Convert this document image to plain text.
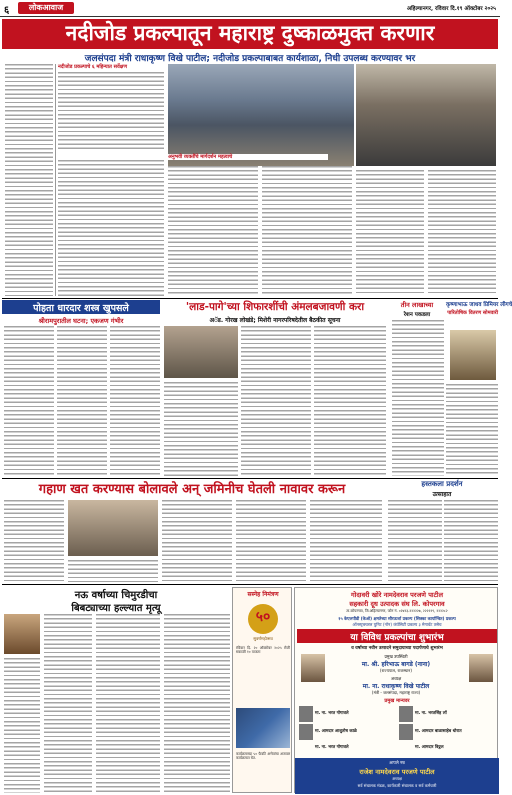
६	लोकआवाज	अहिल्यानगर, रविवार दि.१९ ऑक्टोबर २०२५
नदीजोड प्रकल्पातून महाराष्ट्र दुष्काळमुक्त करणार
जलसंपदा मंत्री राधाकृष्ण विखे पाटील; नदीजोड प्रकल्पाबाबत कार्यशाळा, निधी उपलब्ध करण्यावर भर
नदीजोड प्रकल्पाचे ६ महिन्यात सर्वेक्षण
अनुभवी व्यक्तींचे मार्गदर्शन महत्वाचे
पोहता धारदार शस्त्र खुपसले
श्रीरामपुरातील घटना; एकजण गंभीर
'लाड-पागे'च्या शिफारशींची अंमलबजावणी करा
अॅड. गोरख लोखंडे; मिशेरी नागरपरिषदेतील बैठकीत सूचना
तीन लाखाच्या
रेशन पकडला
कृष्णाभाऊ जाधव प्रिमियर लीगचे
पारितोषिक वितरण सोमवारी
गहाण खत करण्यास बोलावले अन् जमिनीच घेतली नावावर करून	हस्तकला प्रदर्शन
उत्साहात
नऊ वर्षाच्या चिमुरडीचा
बिबट्याच्या हल्ल्यात मृत्यू
सस्नेह निमंत्रण
५०
सुवर्णमहोत्सव
रविवार दि. २० ऑक्टोबर २०२५ रोजी सकाळी १० वाजता
कार्यक्रमाच्या ५० फैवटि अणेवांचा अजवल कार्यक्रमात घेत.
गोदावरी खोरे नामदेवराव परजणे पाटील
सहकारी दूध उत्पादक संघ लि. कोपरगाव
ता.कोपरगाव, जि.अहिल्यानगर, फोन नं. ०२४२३-२२२२२७, २२२२२९, २२२२८२
१५ केएलपीडी (केओ) क्षमतेच्या सौरऊर्जा प्रकल्प (सिक्का कार्यान्वित) प्रकल्प
ऑनस्ट्रक्चरल युनिट (नॉन) कंपॅसिटी प्रकल्प ३ मेगावॅट तसेच
या विविध प्रकल्पांचा शुभारंभ
व वर्षाच्या नवीन उत्पादने समुदायाच्या पदार्पणाचे शुभारंभ
प्रमुख उपस्थिती
मा. श्री. हरिभाऊ बागडे (नाना)
(राज्यपाल, राजस्थान)
अध्यक्ष
मा. ना. राधाकृष्ण विखे पाटील
(मंत्री - जलसंपदा, महाराष्ट्र राज्य)
प्रमुख मान्यवर
मा. ना. भरत गोगावले	मा. ना. भरतसिंह लॉ
मा. आमदार आशुतोष काळे	मा. आमदार बाळासाहेब थोरात
मा. ना. भरत गोगावले	मा. आमदार विठ्ठल
आपले नम्र
राजेश नामदेवराव परजणे पाटील
अध्यक्ष
सर्व संचालक मंडळ, कार्यकारी संचालक व सर्व कर्मचारी
